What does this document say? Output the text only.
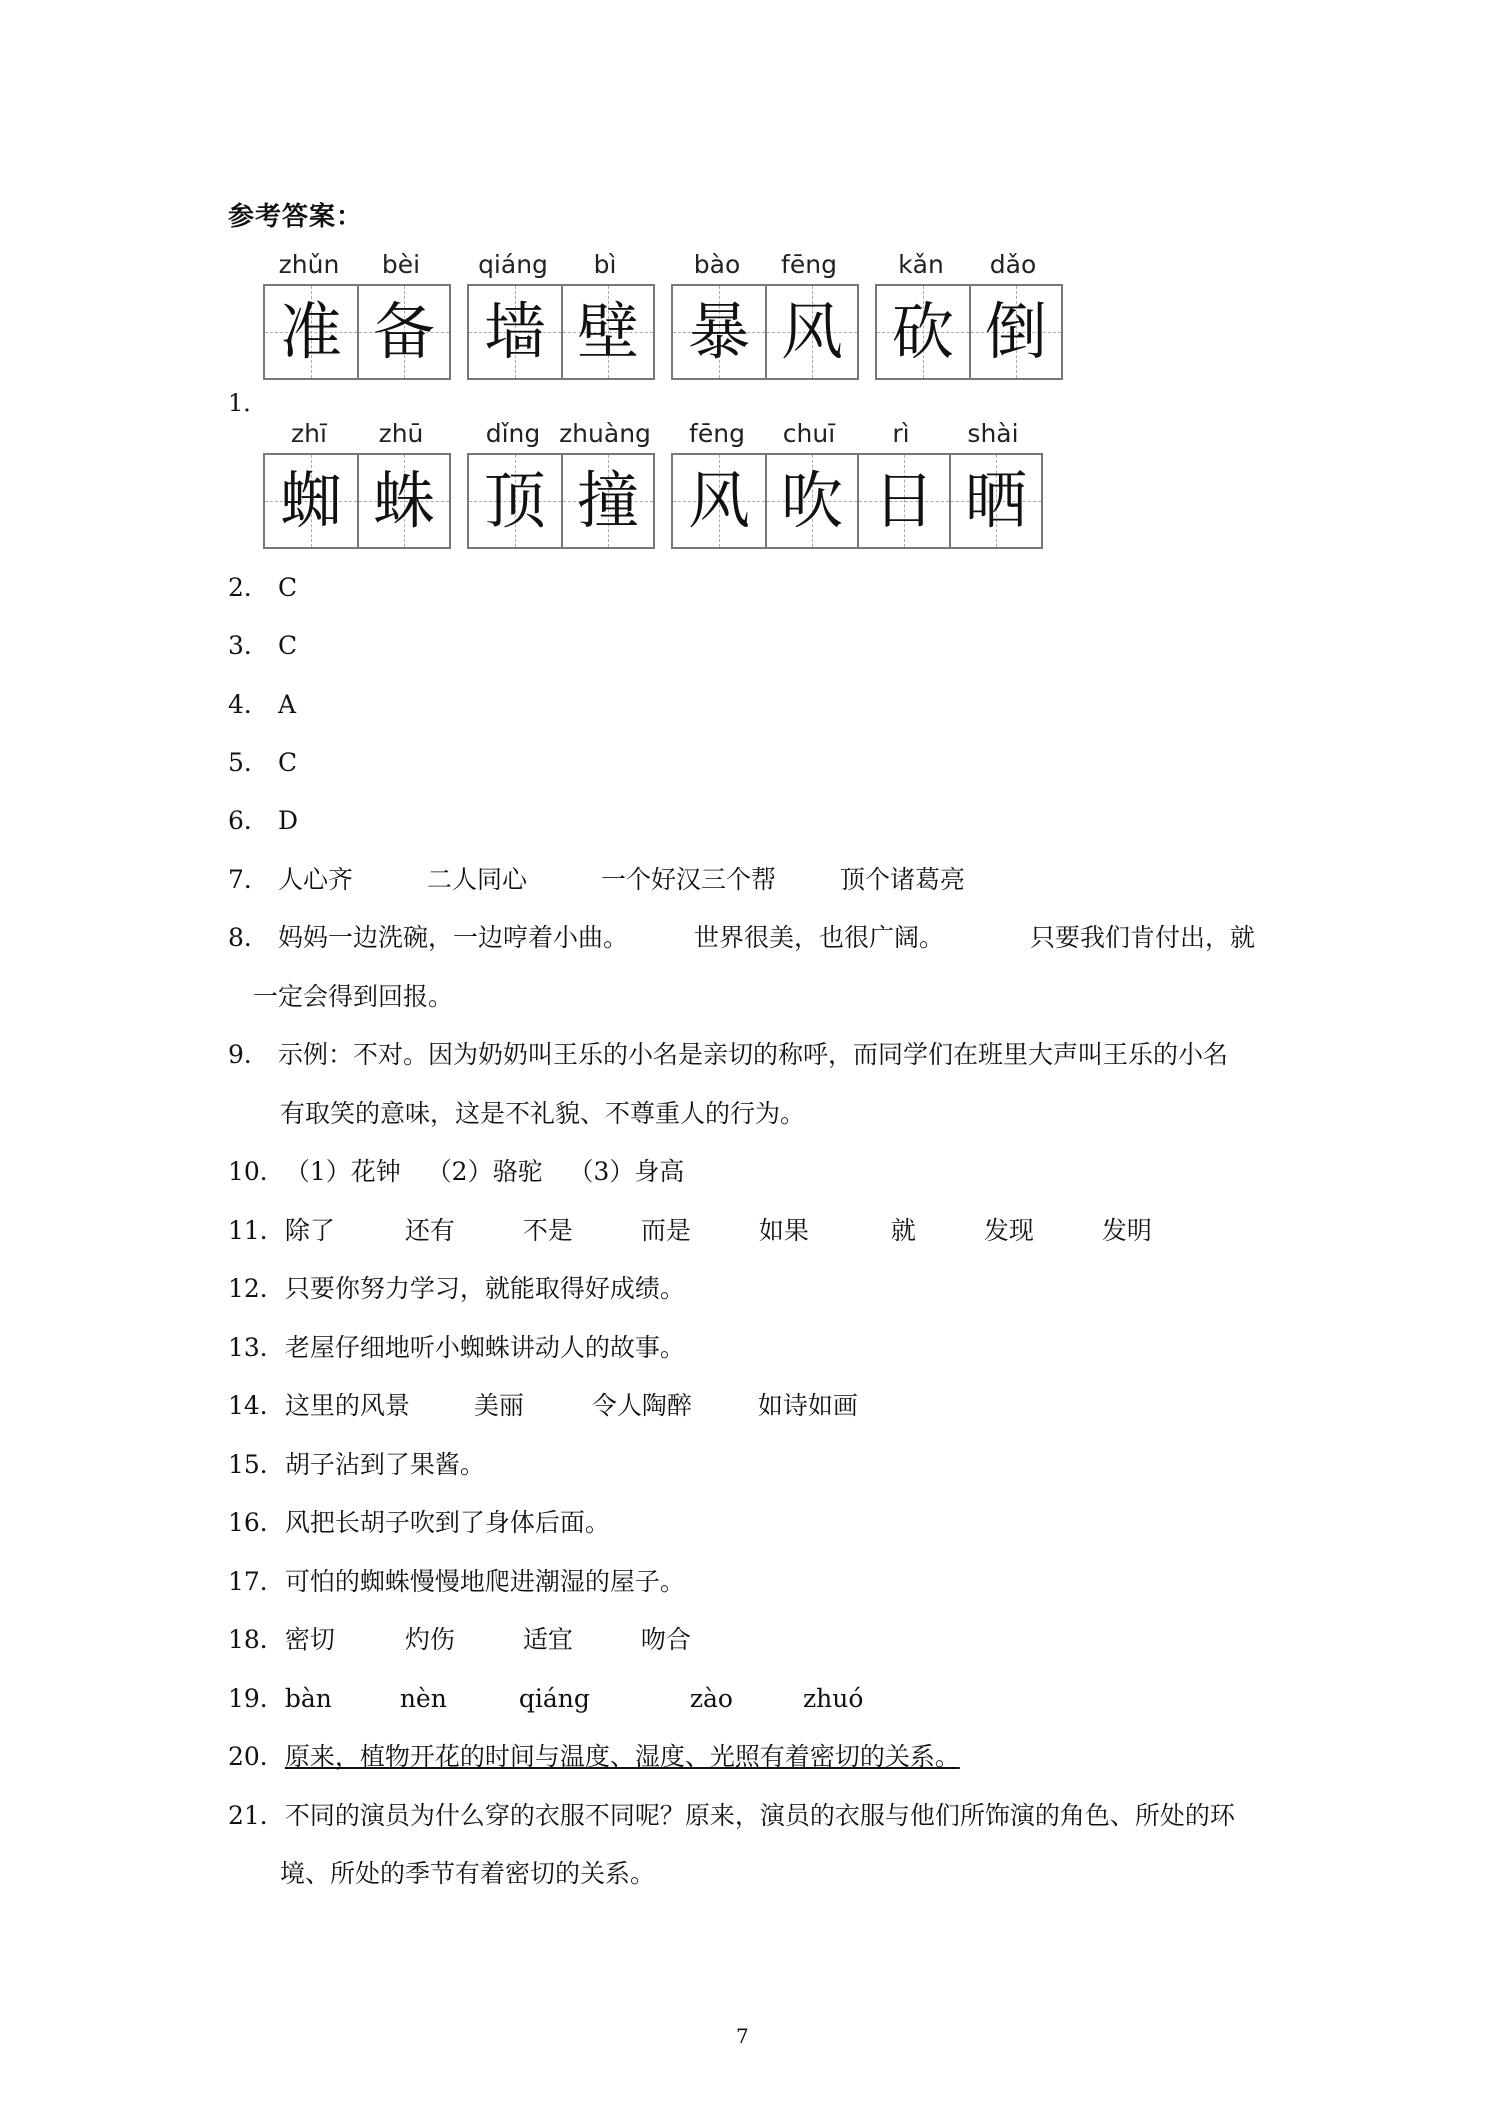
参考答案：
zhǔn	bèi
准 备
qiáng	bì
墙 壁
bào	fēng
暴 风
kǎn	dǎo
砍 倒
1．
zhī	zhū
蜘 蛛
dǐng zhuàng
顶 撞
fēng	chuī	rì	shài
风 吹 日 晒
2． C
3． C
4． A
5． C
6． D
7． 人心齐	二人同心	一个好汉三个帮	顶个诸葛亮
8． 妈妈一边洗碗，一边哼着小曲。	世界很美，也很广阔。	只要我们肯付出，就
一定会得到回报。
9． 示例：不对。因为奶奶叫王乐的小名是亲切的称呼，而同学们在班里大声叫王乐的小名
有取笑的意味，这是不礼貌、不尊重人的行为。
10．（1）花钟 （2）骆驼 （3）身高
11．除了	还有	不是	而是	如果	就	发现	发明
12．只要你努力学习，就能取得好成绩。
13．老屋仔细地听小蜘蛛讲动人的故事。
14．这里的风景	美丽	令人陶醉	如诗如画
15．胡子沾到了果酱。
16．风把长胡子吹到了身体后面。
17．可怕的蜘蛛慢慢地爬进潮湿的屋子。
18．密切	灼伤	适宜	吻合
19．bàn	nèn	qiáng	zào	zhuó
20．原来，植物开花的时间与温度、湿度、光照有着密切的关系。
21．不同的演员为什么穿的衣服不同呢？原来，演员的衣服与他们所饰演的角色、所处的环
境、所处的季节有着密切的关系。
7
